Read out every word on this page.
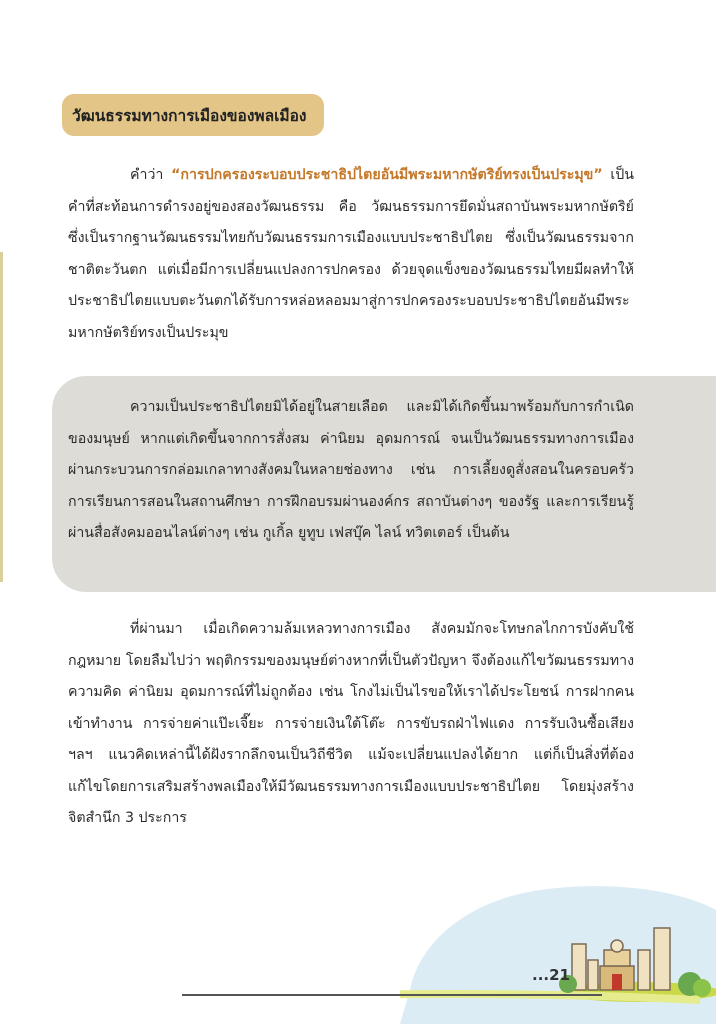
วัฒนธรรมทางการเมืองของพลเมือง

คำว่า “การปกครองระบอบประชาธิปไตยอันมีพระมหากษัตริย์ทรงเป็นประมุข” เป็นคำที่สะท้อนการดำรงอยู่ของสองวัฒนธรรม คือ วัฒนธรรมการยึดมั่นสถาบันพระมหากษัตริย์ ซึ่งเป็นรากฐานวัฒนธรรมไทยกับวัฒนธรรมการเมืองแบบประชาธิปไตย ซึ่งเป็นวัฒนธรรมจากชาติตะวันตก แต่เมื่อมีการเปลี่ยนแปลงการปกครอง ด้วยจุดแข็งของวัฒนธรรมไทยมีผลทำให้ประชาธิปไตยแบบตะวันตกได้รับการหล่อหลอมมาสู่การปกครองระบอบประชาธิปไตยอันมีพระมหากษัตริย์ทรงเป็นประมุข

ความเป็นประชาธิปไตยมิได้อยู่ในสายเลือด และมิได้เกิดขึ้นมาพร้อมกับการกำเนิดของมนุษย์ หากแต่เกิดขึ้นจากการสั่งสม ค่านิยม อุดมการณ์ จนเป็นวัฒนธรรมทางการเมืองผ่านกระบวนการกล่อมเกลาทางสังคมในหลายช่องทาง เช่น การเลี้ยงดูสั่งสอนในครอบครัว การเรียนการสอนในสถานศึกษา การฝึกอบรมผ่านองค์กร สถาบันต่างๆ ของรัฐ และการเรียนรู้ผ่านสื่อสังคมออนไลน์ต่างๆ เช่น กูเกิ้ล ยูทูบ เฟสบุ๊ค ไลน์ ทวิตเตอร์ เป็นต้น

ที่ผ่านมา เมื่อเกิดความล้มเหลวทางการเมือง สังคมมักจะโทษกลไกการบังคับใช้กฎหมาย โดยลืมไปว่า พฤติกรรมของมนุษย์ต่างหากที่เป็นตัวปัญหา จึงต้องแก้ไขวัฒนธรรมทางความคิด ค่านิยม อุดมการณ์ที่ไม่ถูกต้อง เช่น โกงไม่เป็นไรขอให้เราได้ประโยชน์ การฝากคนเข้าทำงาน การจ่ายค่าแป๊ะเจี๊ยะ การจ่ายเงินใต้โต๊ะ การขับรถฝ่าไฟแดง การรับเงินซื้อเสียง ฯลฯ แนวคิดเหล่านี้ได้ฝังรากลึกจนเป็นวิถีชีวิต แม้จะเปลี่ยนแปลงได้ยาก แต่ก็เป็นสิ่งที่ต้องแก้ไขโดยการเสริมสร้างพลเมืองให้มีวัฒนธรรมทางการเมืองแบบประชาธิปไตย โดยมุ่งสร้างจิตสำนึก 3 ประการ

...21
